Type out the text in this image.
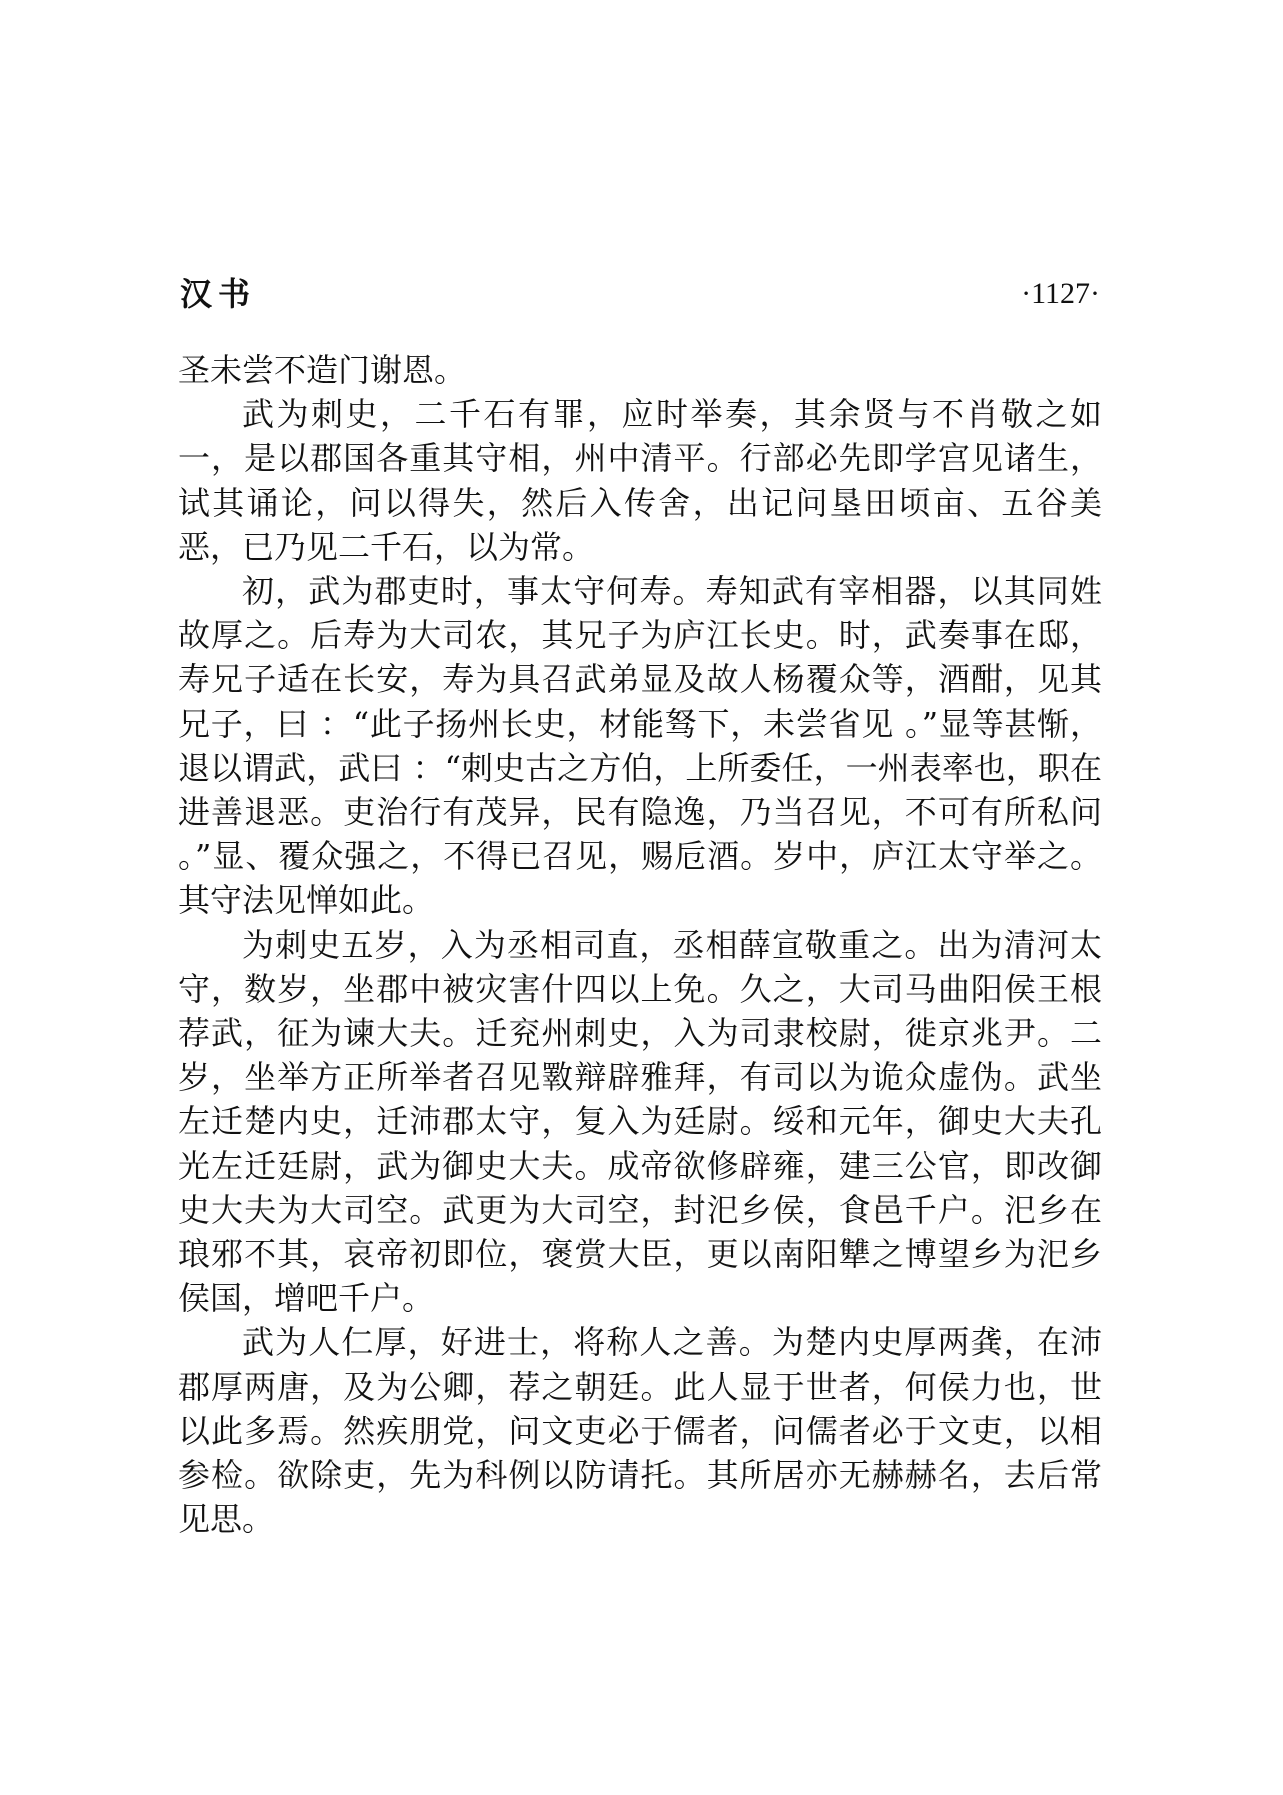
汉书	·1127·

圣未尝不造门谢恩。

武为刺史，二千石有罪，应时举奏，其余贤与不肖敬之如一，是以郡国各重其守相，州中清平。行部必先即学宫见诸生，试其诵论，问以得失，然后入传舍，出记问垦田顷亩、五谷美恶，已乃见二千石，以为常。

初，武为郡吏时，事太守何寿。寿知武有宰相器，以其同姓故厚之。后寿为大司农，其兄子为庐江长史。时，武奏事在邸，寿兄子适在长安，寿为具召武弟显及故人杨覆众等，酒酣，见其兄子，曰 ：“此子扬州长史，材能驽下，未尝省见 。”显等甚惭，退以谓武，武曰 ：“刺史古之方伯，上所委任，一州表率也，职在进善退恶。吏治行有茂异，民有隐逸，乃当召见，不可有所私问 。”显、覆众强之，不得已召见，赐卮酒。岁中，庐江太守举之。其守法见惮如此。

为刺史五岁，入为丞相司直，丞相薛宣敬重之。出为清河太守，数岁，坐郡中被灾害什四以上免。久之，大司马曲阳侯王根荐武，征为谏大夫。迁兖州刺史，入为司隶校尉，徙京兆尹。二岁，坐举方正所举者召见斁辩辟雅拜，有司以为诡众虚伪。武坐左迁楚内史，迁沛郡太守，复入为廷尉。绥和元年，御史大夫孔光左迁廷尉，武为御史大夫。成帝欲修辟雍，建三公官，即改御史大夫为大司空。武更为大司空，封汜乡侯，食邑千户。汜乡在琅邪不其，哀帝初即位，褒赏大臣，更以南阳犨之博望乡为汜乡侯国，增吧千户。

武为人仁厚，好进士，将称人之善。为楚内史厚两龚，在沛郡厚两唐，及为公卿，荐之朝廷。此人显于世者，何侯力也，世以此多焉。然疾朋党，问文吏必于儒者，问儒者必于文吏，以相参检。欲除吏，先为科例以防请托。其所居亦无赫赫名，去后常见思。
